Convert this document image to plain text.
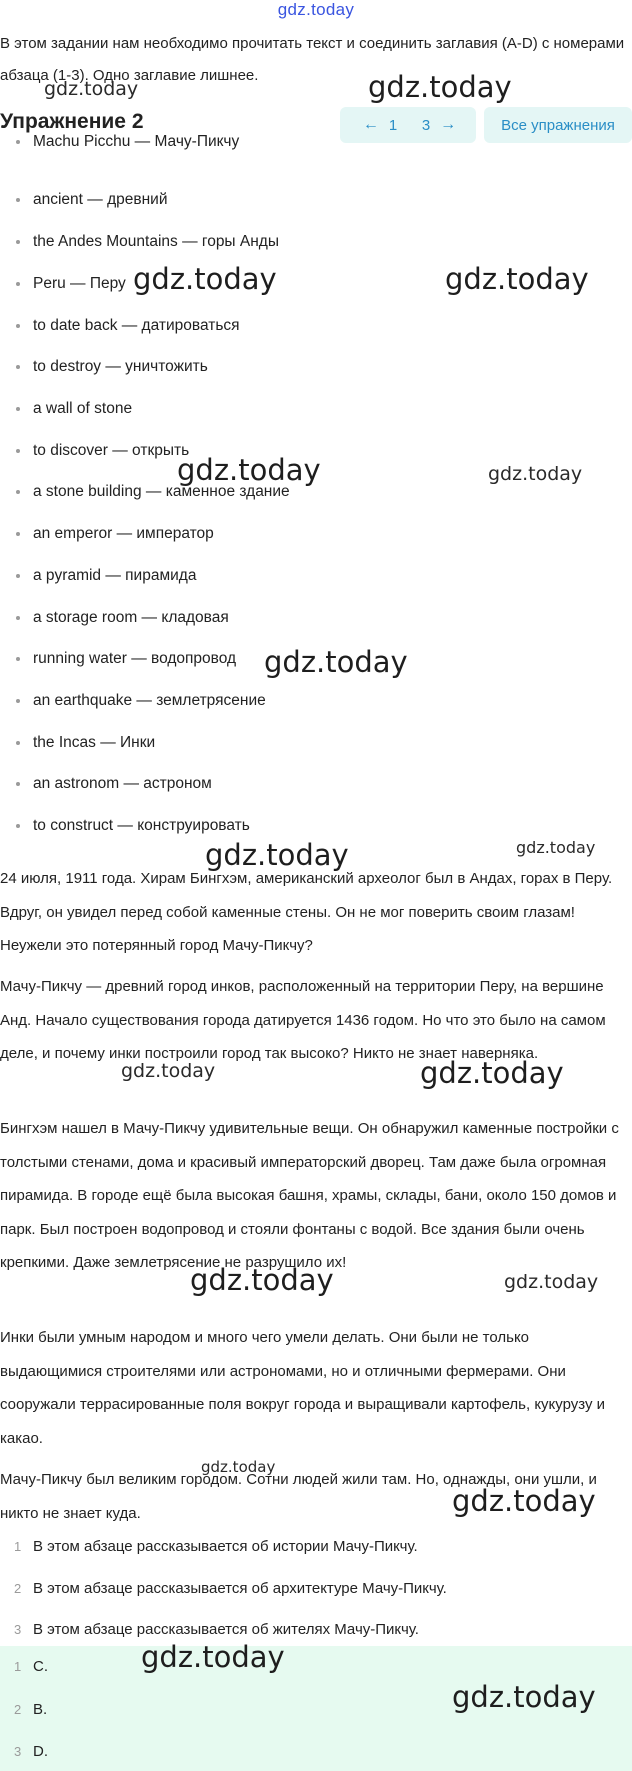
gdz.today
В этом задании нам необходимо прочитать текст и соединить заглавия (A-D) с номерами абзаца (1-3). Одно заглавие лишнее.
Упражнение 2	← 1 3 →	Все упражнения
Machu Picchu — Мачу-Пикчу
ancient — древний
the Andes Mountains — горы Анды
Peru — Перу
to date back — датироваться
to destroy — уничтожить
a wall of stone
to discover — открыть
a stone building — каменное здание
an emperor — император
a pyramid — пирамида
a storage room — кладовая
running water — водопровод
an earthquake — землетрясение
the Incas — Инки
an astronom — астроном
to construct — конструировать
24 июля, 1911 года. Хирам Бингхэм, американский археолог был в Андах, горах в Перу. Вдруг, он увидел перед собой каменные стены. Он не мог поверить своим глазам! Неужели это потерянный город Мачу-Пикчу?
Мачу-Пикчу — древний город инков, расположенный на территории Перу, на вершине Анд. Начало существования города датируется 1436 годом. Но что это было на самом деле, и почему инки построили город так высоко? Никто не знает наверняка.
Бингхэм нашел в Мачу-Пикчу удивительные вещи. Он обнаружил каменные постройки с толстыми стенами, дома и красивый императорский дворец. Там даже была огромная пирамида. В городе ещё была высокая башня, храмы, склады, бани, около 150 домов и парк. Был построен водопровод и стояли фонтаны с водой. Все здания были очень крепкими. Даже землетрясение не разрушило их!
Инки были умным народом и много чего умели делать. Они были не только выдающимися строителями или астрономами, но и отличными фермерами. Они сооружали террасированные поля вокруг города и выращивали картофель, кукурузу и какао.
Мачу-Пикчу был великим городом. Сотни людей жили там. Но, однажды, они ушли, и никто не знает куда.
1 В этом абзаце рассказывается об истории Мачу-Пикчу.
2 В этом абзаце рассказывается об архитектуре Мачу-Пикчу.
3 В этом абзаце рассказывается об жителях Мачу-Пикчу.
1 C.
2 B.
3 D.
gdz.today	gdz.today
gdz.today	gdz.today
gdz.today	gdz.today
gdz.today
gdz.today	gdz.today
gdz.today	gdz.today
gdz.today	gdz.today
gdz.today
gdz.today
gdz.today
gdz.today
